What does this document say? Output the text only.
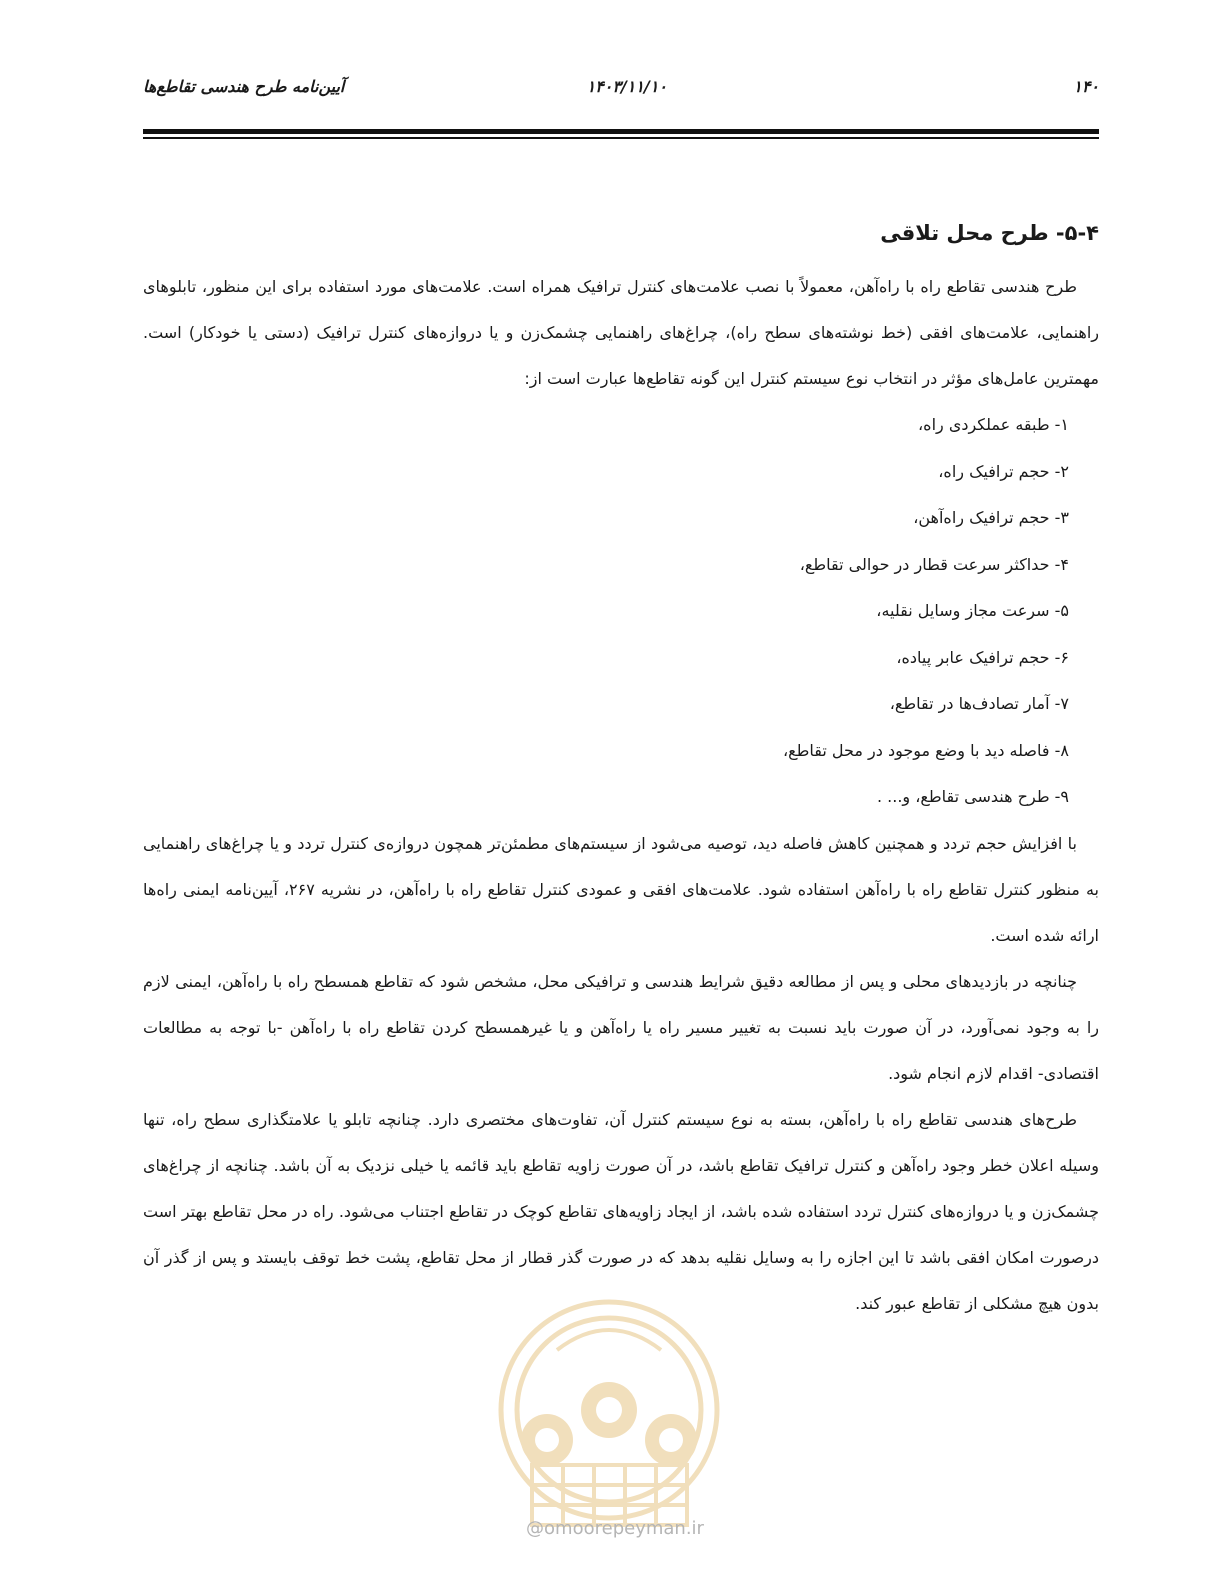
۱۴۰
۱۴۰۳/۱۱/۱۰
آیین‌نامه طرح هندسی تقاطع‌ها
۵-۴- طرح محل تلاقی

طرح هندسی تقاطع راه با راه‌آهن، معمولاً با نصب علامت‌های کنترل ترافیک همراه است. علامت‌های مورد استفاده برای این منظور، تابلوهای راهنمایی، علامت‌های افقی (خط نوشته‌های سطح راه)، چراغ‌های راهنمایی چشمک‌زن و یا دروازه‌های کنترل ترافیک (دستی یا خودکار) است. مهمترین عامل‌های مؤثر در انتخاب نوع سیستم کنترل این گونه تقاطع‌ها عبارت است از:

۱- طبقه عملکردی راه،
۲- حجم ترافیک راه،
۳- حجم ترافیک راه‌آهن،
۴- حداکثر سرعت قطار در حوالی تقاطع،
۵- سرعت مجاز وسایل نقلیه،
۶- حجم ترافیک عابر پیاده،
۷- آمار تصادف‌ها در تقاطع،
۸- فاصله دید با وضع موجود در محل تقاطع،
۹- طرح هندسی تقاطع، و... .

با افزایش حجم تردد و همچنین کاهش فاصله دید، توصیه می‌شود از سیستم‌های مطمئن‌تر همچون دروازه‌ی کنترل تردد و یا چراغ‌های راهنمایی به منظور کنترل تقاطع راه با راه‌آهن استفاده شود. علامت‌های افقی و عمودی کنترل تقاطع راه با راه‌آهن، در نشریه ۲۶۷، آیین‌نامه ایمنی راه‌ها ارائه شده است.

چنانچه در بازدیدهای محلی و پس از مطالعه دقیق شرایط هندسی و ترافیکی محل، مشخص شود که تقاطع همسطح راه با راه‌آهن، ایمنی لازم را به وجود نمی‌آورد، در آن صورت باید نسبت به تغییر مسیر راه یا راه‌آهن و یا غیرهمسطح کردن تقاطع راه با راه‌آهن -با توجه به مطالعات اقتصادی- اقدام لازم انجام شود.

طرح‌های هندسی تقاطع راه با راه‌آهن، بسته به نوع سیستم کنترل آن، تفاوت‌های مختصری دارد. چنانچه تابلو یا علامتگذاری سطح راه، تنها وسیله اعلان خطر وجود راه‌آهن و کنترل ترافیک تقاطع باشد، در آن صورت زاویه تقاطع باید قائمه یا خیلی نزدیک به آن باشد. چنانچه از چراغ‌های چشمک‌زن و یا دروازه‌های کنترل تردد استفاده شده باشد، از ایجاد زاویه‌های تقاطع کوچک در تقاطع اجتناب می‌شود. راه در محل تقاطع بهتر است درصورت امکان افقی باشد تا این اجازه را به وسایل نقلیه بدهد که در صورت گذر قطار از محل تقاطع، پشت خط توقف بایستد و پس از گذر آن بدون هیچ مشکلی از تقاطع عبور کند.

@omoorepeyman.ir
